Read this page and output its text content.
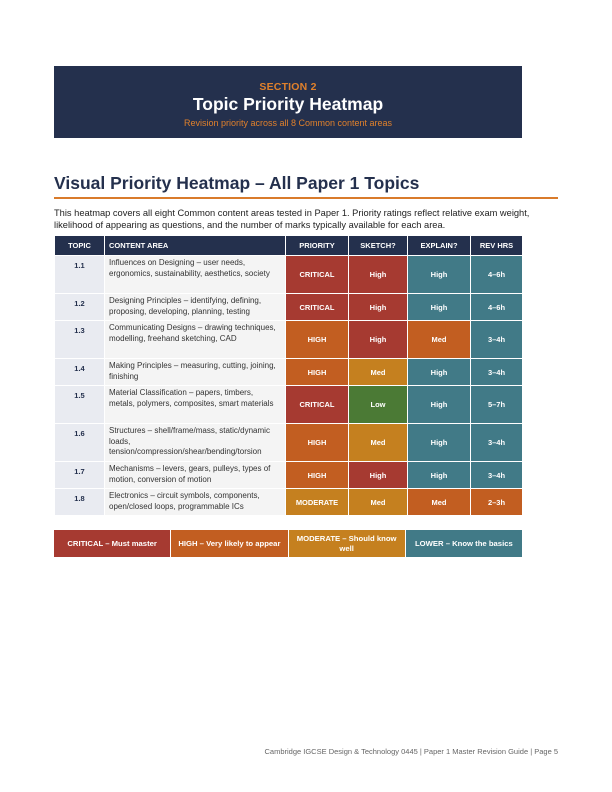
SECTION 2
Topic Priority Heatmap
Revision priority across all 8 Common content areas
Visual Priority Heatmap – All Paper 1 Topics
This heatmap covers all eight Common content areas tested in Paper 1. Priority ratings reflect relative exam weight, likelihood of appearing as questions, and the number of marks typically available for each area.
TOPIC	CONTENT AREA	PRIORITY	SKETCH?	EXPLAIN?	REV HRS
1.1	Influences on Designing – user needs, ergonomics, sustainability, aesthetics, society	CRITICAL	High	High	4–6h
1.2	Designing Principles – identifying, defining, proposing, developing, planning, testing	CRITICAL	High	High	4–6h
1.3	Communicating Designs – drawing techniques, modelling, freehand sketching, CAD	HIGH	High	Med	3–4h
1.4	Making Principles – measuring, cutting, joining, finishing	HIGH	Med	High	3–4h
1.5	Material Classification – papers, timbers, metals, polymers, composites, smart materials	CRITICAL	Low	High	5–7h
1.6	Structures – shell/frame/mass, static/dynamic loads, tension/compression/shear/bending/torsion	HIGH	Med	High	3–4h
1.7	Mechanisms – levers, gears, pulleys, types of motion, conversion of motion	HIGH	High	High	3–4h
1.8	Electronics – circuit symbols, components, open/closed loops, programmable ICs	MODERATE	Med	Med	2–3h
CRITICAL – Must master	HIGH – Very likely to appear
MODERATE – Should know well
LOWER – Know the basics
Cambridge IGCSE Design & Technology 0445 | Paper 1 Master Revision Guide | Page 5
